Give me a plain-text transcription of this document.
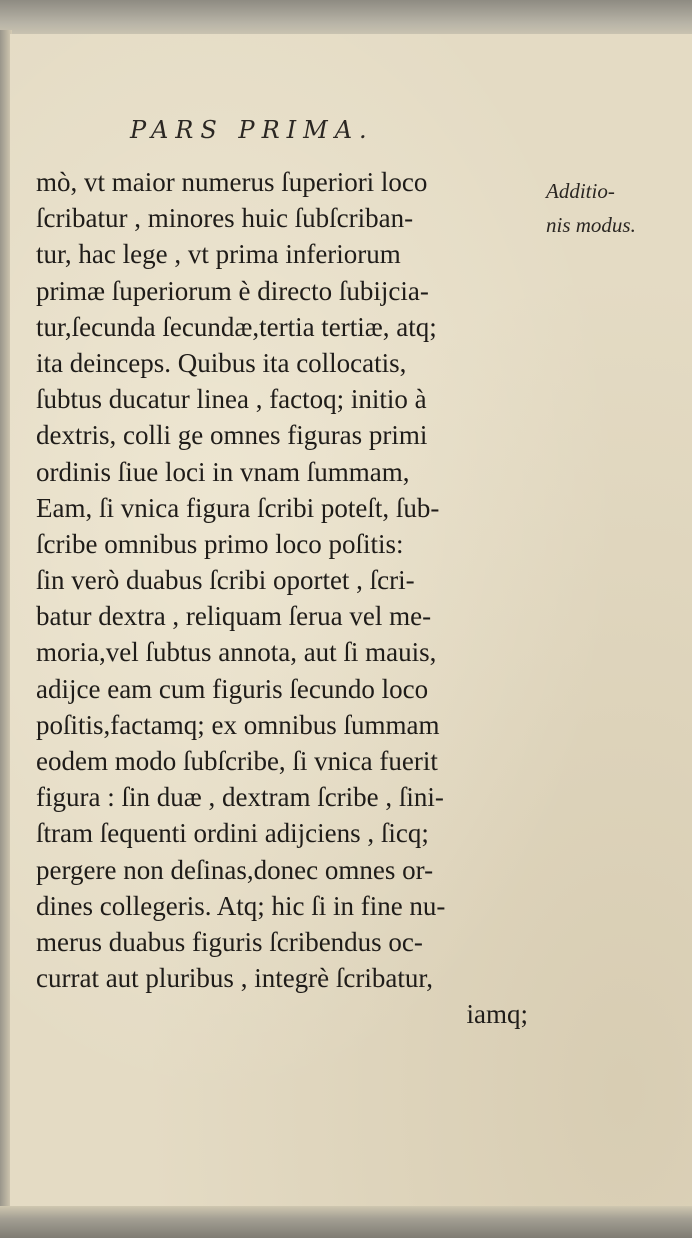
PARS PRIMA.
mò, vt maior numerus ſuperiori loco
ſcribatur , minores huic ſubſcriban-
tur, hac lege , vt prima inferiorum
primæ ſuperiorum è directo ſubijcia-
tur,ſecunda ſecundæ,tertia tertiæ, atq;
ita deinceps. Quibus ita collocatis,
ſubtus ducatur linea , factoq; initio à
dextris, colli ge omnes figuras primi
ordinis ſiue loci in vnam ſummam,
Eam, ſi vnica figura ſcribi poteſt, ſub-
ſcribe omnibus primo loco poſitis:
ſin verò duabus ſcribi oportet , ſcri-
batur dextra , reliquam ſerua vel me-
moria,vel ſubtus annota, aut ſi mauis,
adijce eam cum figuris ſecundo loco
poſitis,factamq; ex omnibus ſummam
eodem modo ſubſcribe, ſi vnica fuerit
figura : ſin duæ , dextram ſcribe , ſini-
ſtram ſequenti ordini adijciens , ſicq;
pergere non deſinas,donec omnes or-
dines collegeris. Atq; hic ſi in fine nu-
merus duabus figuris ſcribendus oc-
currat aut pluribus , integrè ſcribatur,
iamq;
Additio-
nis modus.
